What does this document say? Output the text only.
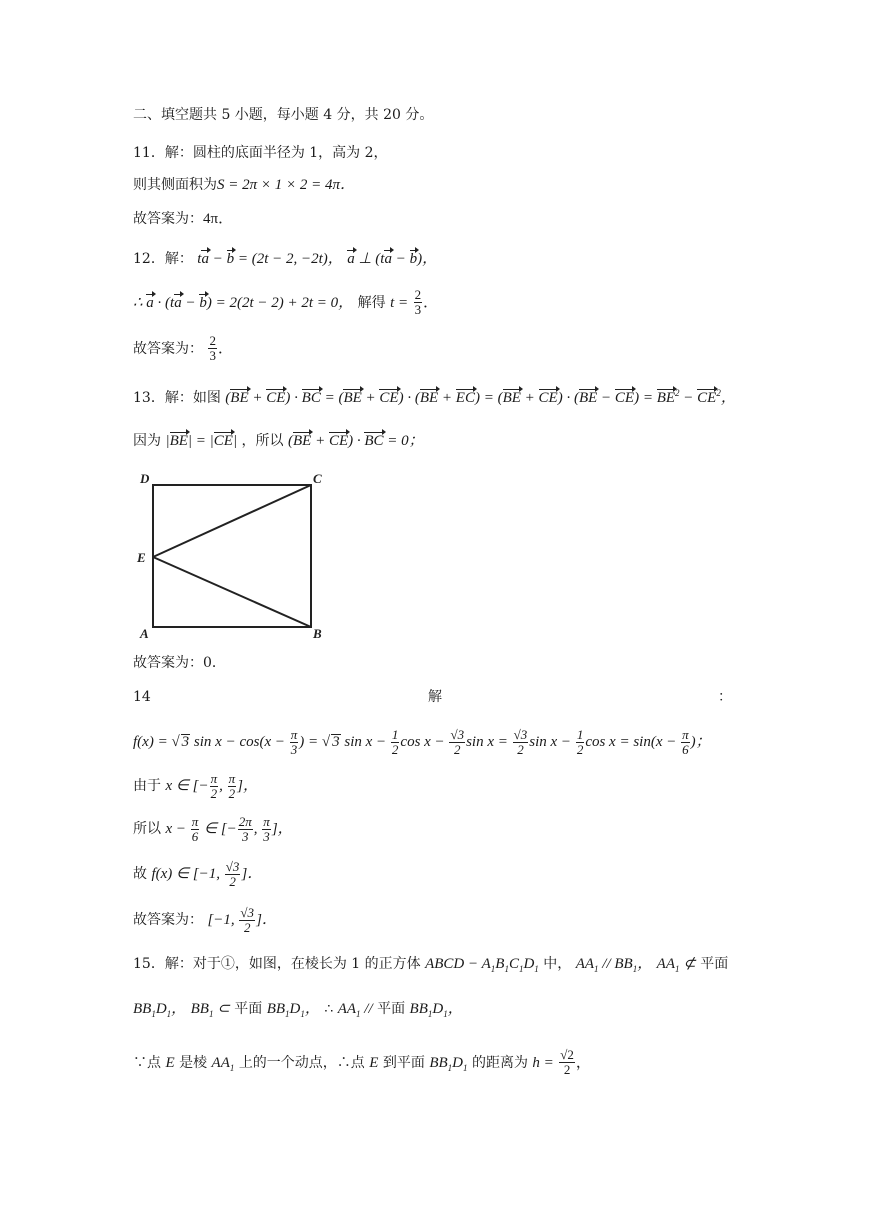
二、填空题共 5 小题，每小题 4 分，共 20 分。
11．解：圆柱的底面半径为 1，高为 2，
则其侧面积为S = 2π × 1 × 2 = 4π．
故答案为：4π．
12．解： ta − b = (2t − 2, −2t)， a ⊥ (ta − b)，
∴ a · (ta − b) = 2(2t − 2) + 2t = 0， 解得 $t = \frac{2}{3}$ ．
故答案为： $\frac{2}{3}$ ．
13．解：如图 (BE + CE) · BC = $(BE + CE) \cdot (BE + EC) = (BE + CE) \cdot (BE - CE) = BE^2 - CE^2$，
因为 |BE| = |CE| ，所以 (BE + CE) · BC = 0；
D	C
E
A	B
故答案为：0．
14	解	：
f(x) = √ 3 $\sin x - \cos(x - \frac{\pi}{3}$ ) = √ 3 $\sin x - \frac{1}{2}$ $\cos x - \frac{√3}{2}$ $\sin x = \frac{√3}{2}$ $\sin x - \frac{1}{2}$ $\cos x = \sin(x - \frac{\pi}{6}$ )；
由于 x ∈ [− $\frac{\pi}{2}$ , $\frac{\pi}{2}$ ]，
所以 $x - \frac{\pi}{6}$ ∈ [− $\frac{2\pi}{3}$ , $\frac{\pi}{3}$ ]，
故 f(x) ∈ [−1, $\frac{√3}{2}$ ]．
故答案为： [−1, $\frac{√3}{2}$ ]．
15．解：对于①，如图，在棱长为 1 的正方体 ABCD − $A_1B_1C_1D_1$ 中， $AA_1 // BB_1$， $AA_1$ ⊄ 平面
$BB_1D_1$， $BB_1$ ⊂ 平面 $BB_1D_1$， ∴ $AA_1$ // 平面 $BB_1D_1$，
∵点 E 是棱 $AA_1$ 上的一个动点，∴点 E 到平面 $BB_1D_1$ 的距离为 $h = \frac{√2}{2}$ ，
